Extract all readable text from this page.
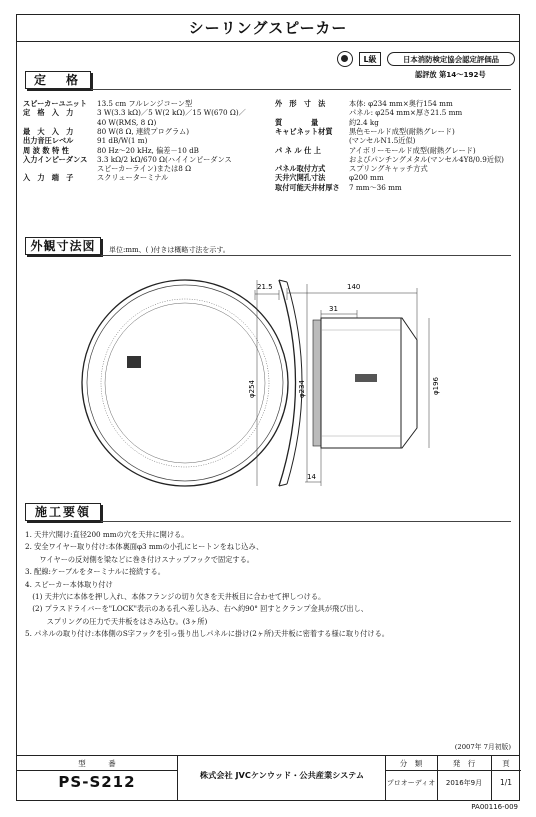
シーリングスピーカー
L級	日本消防検定協会認定評価品
認評放 第14～192号
定　格
スピーカーユニット 13.5 cm フルレンジコーン型
定　格　入　力	3 W(3.3 kΩ)／5 W(2 kΩ)／15 W(670 Ω)／
40 W(RMS, 8 Ω)
最　大　入　力	80 W(8 Ω, 連続プログラム)
出力音圧レベル	91 dB/W(1 m)
周 波 数 特 性	80 Hz～20 kHz, 偏差－10 dB
入力インピーダンス 3.3 kΩ/2 kΩ/670 Ω(ハイインピーダンス
スピーカーライン)または8 Ω
入　力　端　子	スクリューターミナル
外　形　寸　法	本体: φ234 mm×奥行154 mm
パネル: φ254 mm×厚さ21.5 mm
質　　　　量	約2.4 kg
キャビネット材質 黒色モールド成型(耐熱グレード)
(マンセルN1.5近似)
パ ネ ル 仕 上	アイボリーモールド成型(耐熱グレード)
およびパンチングメタル(マンセル4Y8/0.9近似)
パネル取付方式	スプリングキャッチ方式
天井穴開孔寸法	φ200 mm
取付可能天井材厚さ 7 mm～36 mm
外観寸法図	単位:mm、( )付きは概略寸法を示す。
21.5	140
31
φ254	φ234	φ196
14
施工要領
1. 天井穴開け:直径200 mmの穴を天井に開ける。
2. 安全ワイヤー取り付け:本体裏面φ3 mmの小孔にヒートンをねじ込み、
　　ワイヤーの反対側を梁などに巻き付けスナップフックで固定する。
3. 配線:ケーブルをターミナルに接続する。
4. スピーカー本体取り付け
　(1) 天井穴に本体を押し入れ、本体フランジの切り欠きを天井板目に合わせて押しつける。
　(2) プラスドライバーを"LOCK"表示のある孔へ差し込み、右へ約90° 回すとクランプ金具が飛び出し、
　　　スプリングの圧力で天井板をはさみ込む。(3ヶ所)
5. パネルの取り付け:本体側のS字フックを引っ張り出しパネルに掛け(2ヶ所)天井板に密着する様に取り付ける。
(2007年 7月初版)
型　　　番
PS-S212	株式会社 JVCケンウッド・公共産業システム
分　類
プロオーディオ
発　行
2016年9月
頁
1/1
PA00116-009
